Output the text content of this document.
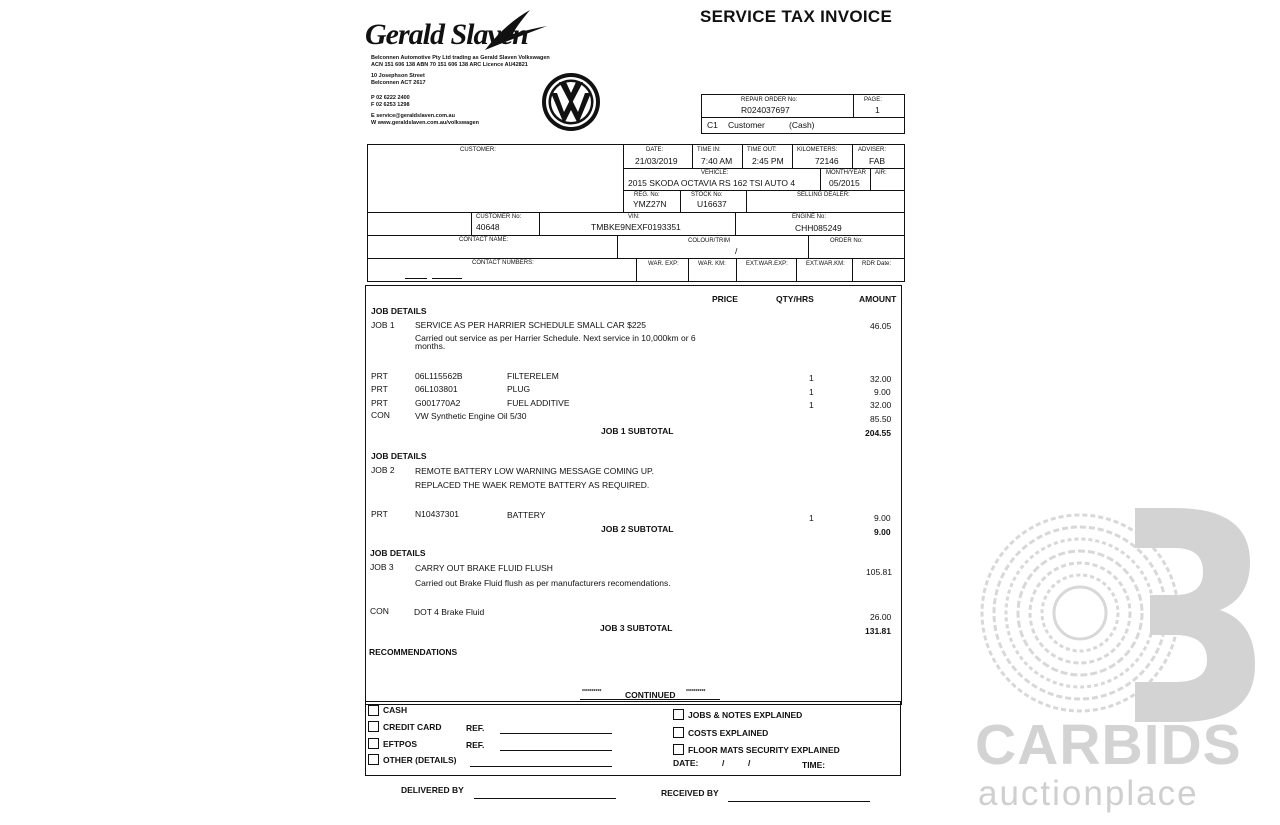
CARBIDS
auctionplace
Gerald Slaven
Belconnen Automotive Pty Ltd trading as Gerald Slaven Volkswagen
ACN 151 606 138 ABN 70 151 606 138 ARC Licence AU42821
10 Josephson Street
Belconnen ACT 2617
P 02 6222 2400
F 02 6253 1298
E service@geraldslaven.com.au
W www.geraldslaven.com.au/volkswagen
SERVICE TAX INVOICE
REPAIR ORDER No:
R024037697
PAGE:
1
C1 Customer	(Cash)
CUSTOMER:	DATE:
21/03/2019
TIME IN:
7:40 AM
TIME OUT:
2:45 PM
KILOMETERS:
72146
ADVISER:
FAB
VEHICLE:
2015 SKODA OCTAVIA RS 162 TSI AUTO 4
MONTH/YEAR
05/2015
AIR:
REG. No:
YMZ27N
STOCK No:
U16637
SELLING DEALER:
CUSTOMER No:
40648
VIN:
TMBKE9NEXF0193351
ENGINE No:
CHH085249
CONTACT NAME:	COLOUR/TRIM
/
ORDER No:
CONTACT NUMBERS:	WAR. EXP:	WAR. KM:	EXT.WAR.EXP:	EXT.WAR.KM:	RDR Date:
PRICE	QTY/HRS	AMOUNT
JOB DETAILS
JOB 1 SERVICE AS PER HARRIER SCHEDULE SMALL CAR $225	46.05
Carried out service as per Harrier Schedule. Next service in 10,000km or 6
months.
PRT	06L115562B	FILTERELEM	1	32.00
PRT	06L103801	PLUG	1	9.00
PRT	G001770A2	FUEL ADDITIVE	1	32.00
CON	VW Synthetic Engine Oil 5/30	85.50
JOB 1 SUBTOTAL	204.55
JOB DETAILS
JOB 2 REMOTE BATTERY LOW WARNING MESSAGE COMING UP.
REPLACED THE WAEK REMOTE BATTERY AS REQUIRED.
PRT	N10437301	BATTERY	1	9.00
JOB 2 SUBTOTAL	9.00
JOB DETAILS
JOB 3	CARRY OUT BRAKE FLUID FLUSH	105.81
Carried out Brake Fluid flush as per manufacturers recomendations.
CON	DOT 4 Brake Fluid	26.00
JOB 3 SUBTOTAL	131.81
RECOMMENDATIONS
**********	CONTINUED **********
CASH
CREDIT CARD	REF.
EFTPOS	REF.
OTHER (DETAILS)
JOBS & NOTES EXPLAINED
COSTS EXPLAINED
FLOOR MATS SECURITY EXPLAINED
DATE:	/	/	TIME:
DELIVERED BY	RECEIVED BY
